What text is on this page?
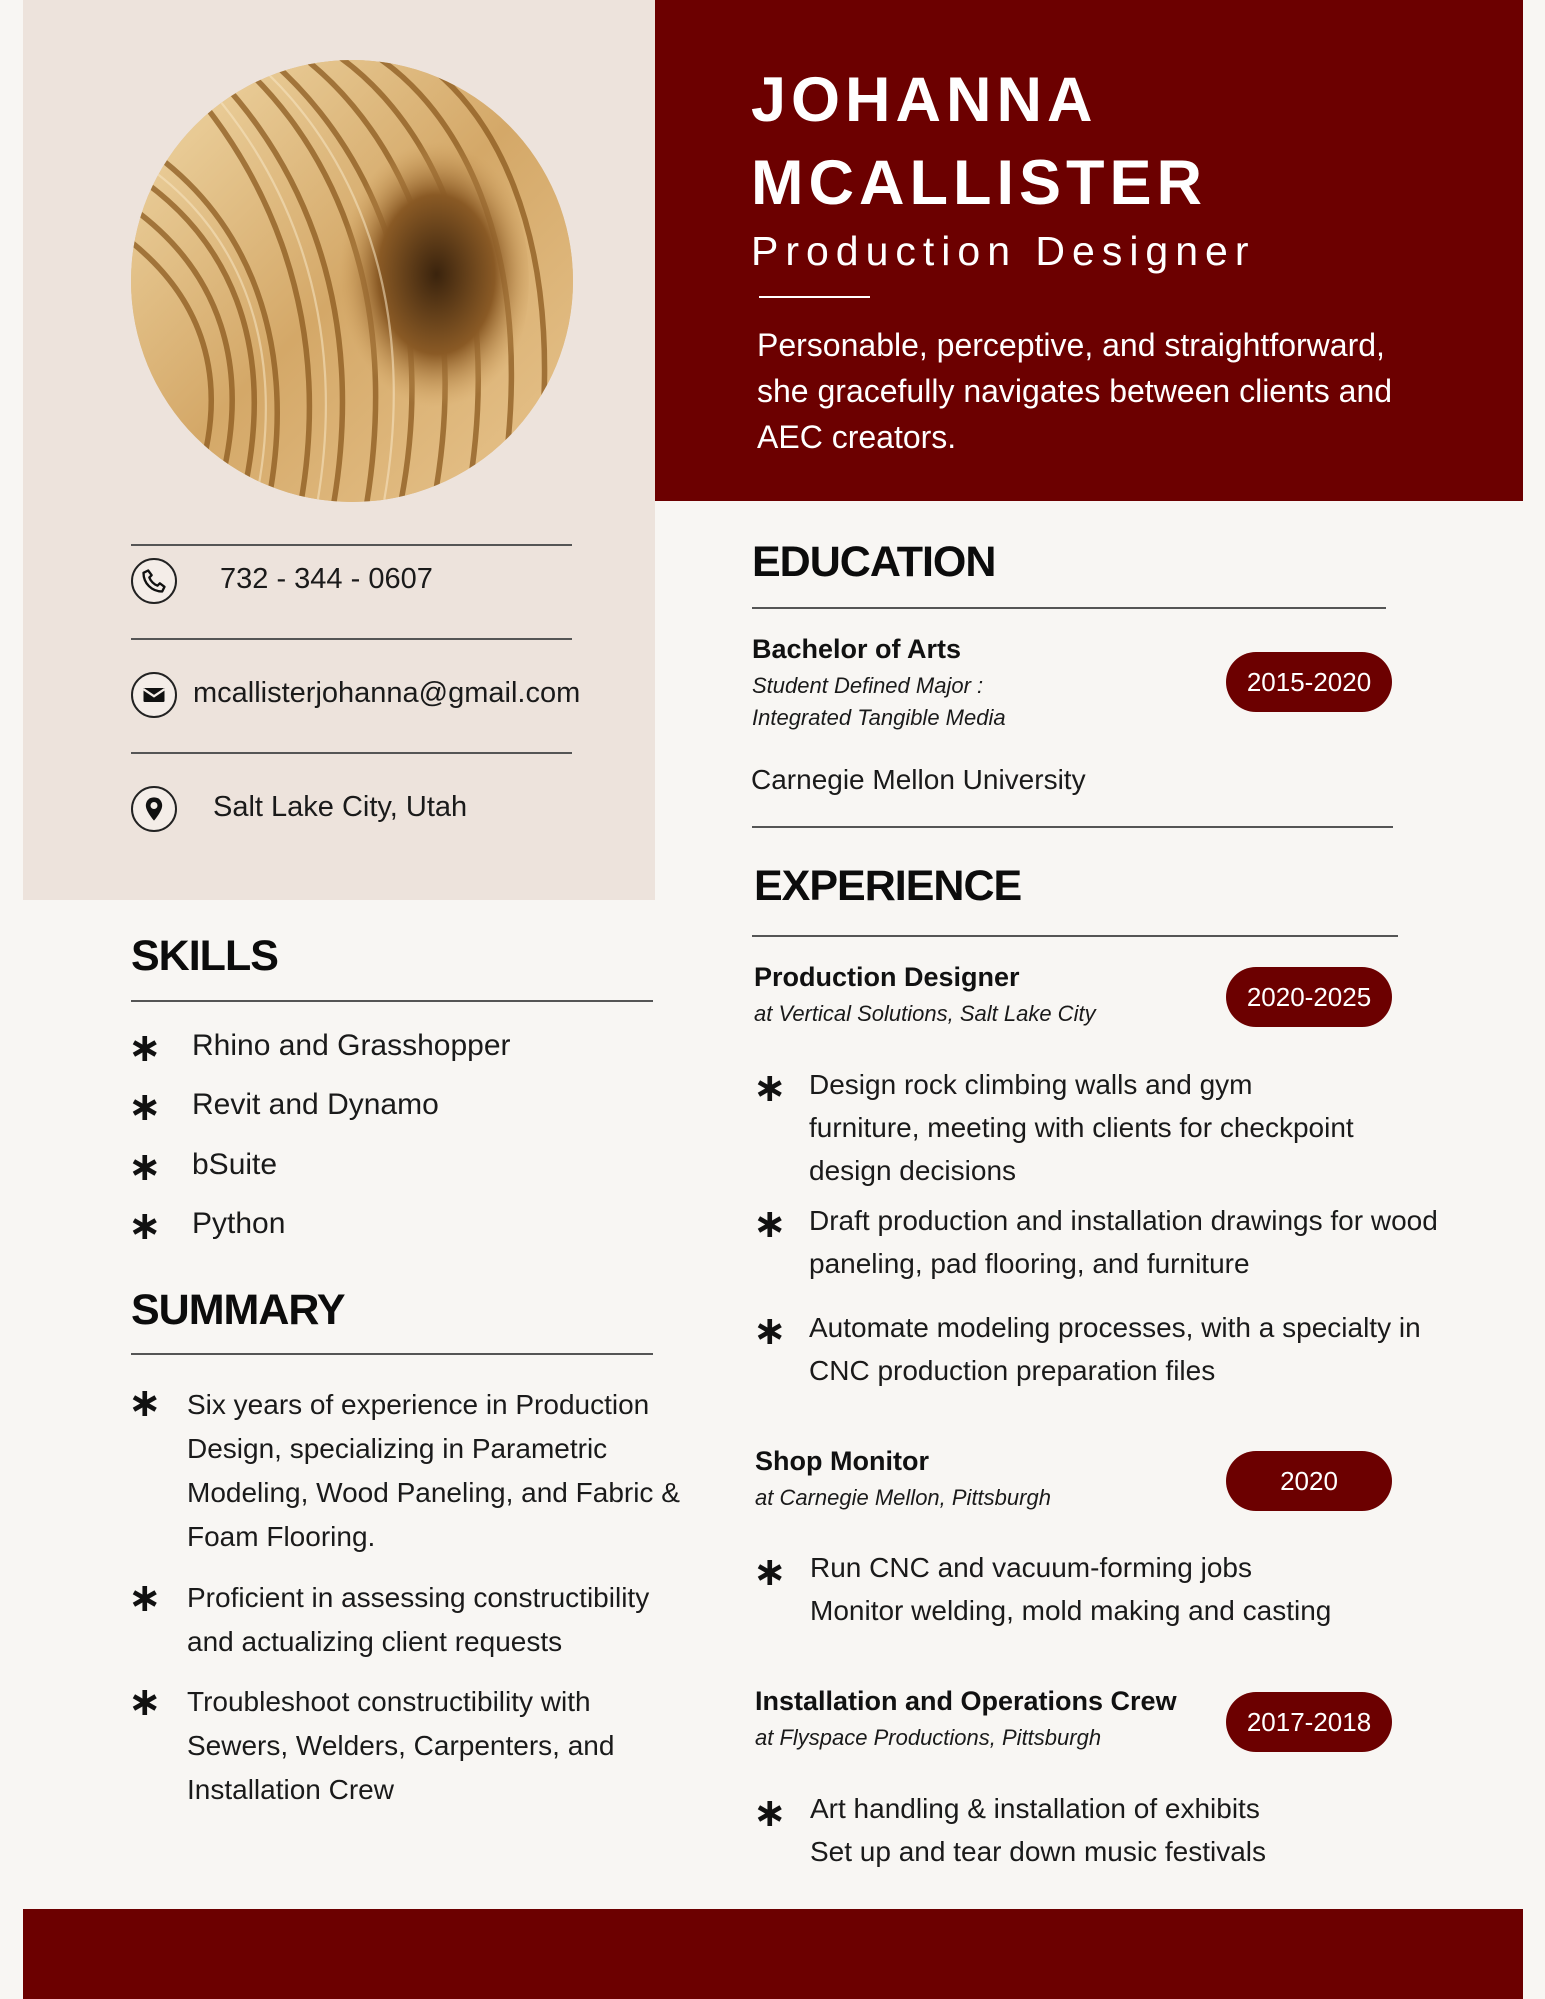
732 - 344 - 0607
mcallisterjohanna@gmail.com
Salt Lake City, Utah
JOHANNA
MCALLISTER
Production Designer
Personable, perceptive, and straightforward, she gracefully navigates between clients and AEC creators.
SKILLS
∗ Rhino and Grasshopper
∗ Revit and Dynamo
∗ bSuite
∗ Python
SUMMARY
∗ Six years of experience in Production Design, specializing in Parametric Modeling, Wood Paneling, and Fabric & Foam Flooring.
∗ Proficient in assessing constructibility and actualizing client requests
∗ Troubleshoot constructibility with Sewers, Welders, Carpenters, and Installation Crew
EDUCATION
Bachelor of Arts
Student Defined Major :
Integrated Tangible Media
2015-2020
Carnegie Mellon University
EXPERIENCE
Production Designer
at Vertical Solutions, Salt Lake City
2020-2025
∗ Design rock climbing walls and gym furniture, meeting with clients for checkpoint design decisions
∗ Draft production and installation drawings for wood paneling, pad flooring, and furniture
∗ Automate modeling processes, with a specialty in CNC production preparation files
Shop Monitor
at Carnegie Mellon, Pittsburgh
2020
∗ Run CNC and vacuum-forming jobs
Monitor welding, mold making and casting
Installation and Operations Crew
at Flyspace Productions, Pittsburgh
2017-2018
∗ Art handling & installation of exhibits
Set up and tear down music festivals
